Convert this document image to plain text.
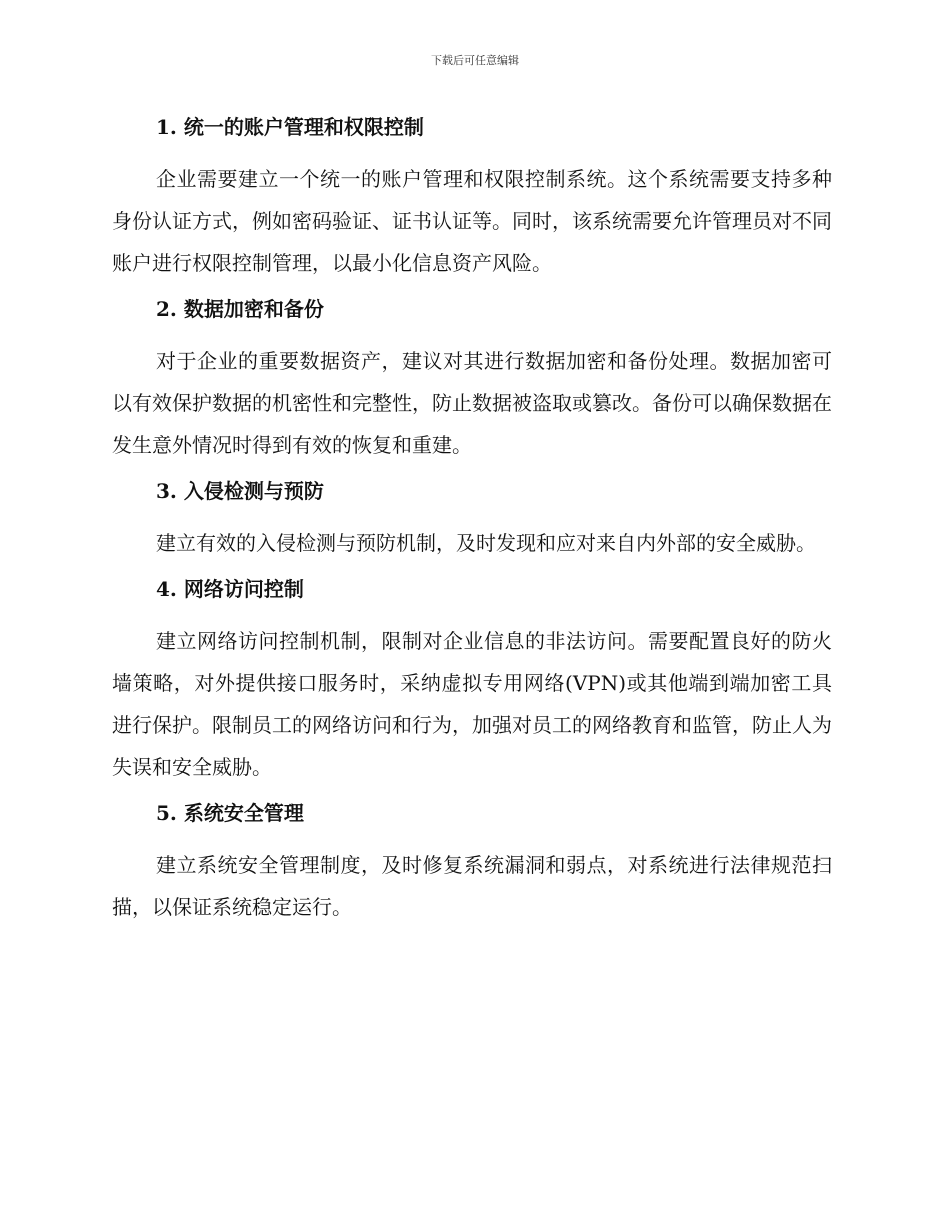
下载后可任意编辑
1. 统一的账户管理和权限控制

企业需要建立一个统一的账户管理和权限控制系统。这个系统需要支持多种身份认证方式，例如密码验证、证书认证等。同时，该系统需要允许管理员对不同账户进行权限控制管理，以最小化信息资产风险。

2. 数据加密和备份

对于企业的重要数据资产，建议对其进行数据加密和备份处理。数据加密可以有效保护数据的机密性和完整性，防止数据被盗取或篡改。备份可以确保数据在发生意外情况时得到有效的恢复和重建。

3. 入侵检测与预防

建立有效的入侵检测与预防机制，及时发现和应对来自内外部的安全威胁。

4. 网络访问控制

建立网络访问控制机制，限制对企业信息的非法访问。需要配置良好的防火墙策略，对外提供接口服务时，采纳虚拟专用网络(VPN)或其他端到端加密工具进行保护。限制员工的网络访问和行为，加强对员工的网络教育和监管，防止人为失误和安全威胁。

5. 系统安全管理

建立系统安全管理制度，及时修复系统漏洞和弱点，对系统进行法律规范扫描，以保证系统稳定运行。
